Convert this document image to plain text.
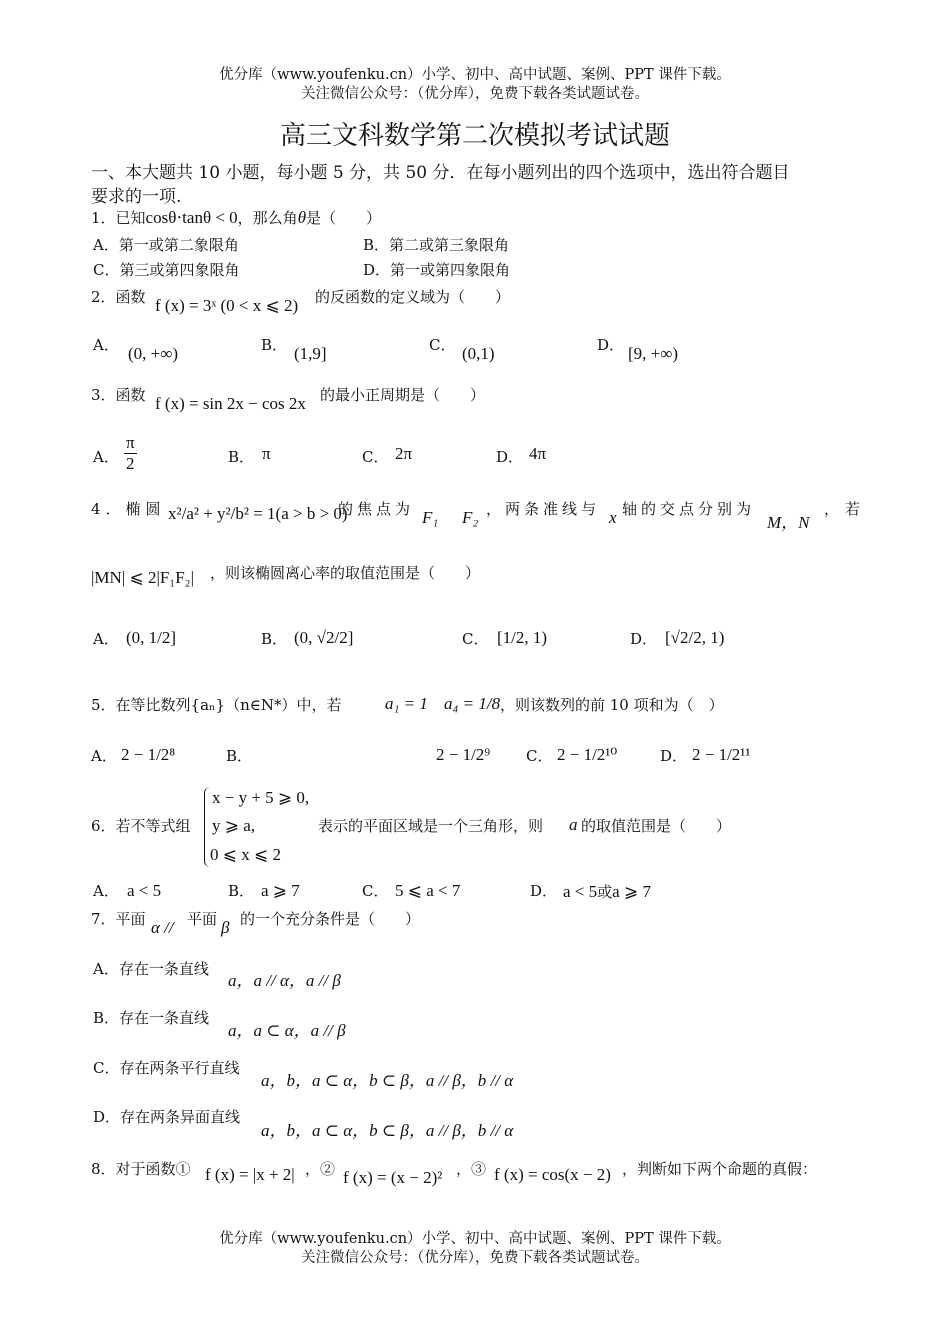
优分库（www.youfenku.cn）小学、初中、高中试题、案例、PPT 课件下载。
关注微信公众号：（优分库），免费下载各类试题试卷。
高三文科数学第二次模拟考试试题
一、本大题共 10 小题，每小题 5 分，共 50 分．在每小题列出的四个选项中，选出符合题目
要求的一项.
1．已知cosθ⋅tanθ < 0，那么角θ是（　　）
A．第一或第二象限角	B．第二或第三象限角
C．第三或第四象限角	D．第一或第四象限角
2．函数 f (x) = 3ˣ (0 < x ⩽ 2) 的反函数的定义域为（　　）
A． (0, +∞)	B． (1,9]	C． (0,1)	D． [9, +∞)
3．函数 f (x) = sin 2x − cos 2x 的最小正周期是（　　）
A． $\frac{\pi}{2}$	B． π	C． 2π	D． 4π
4．椭圆 x²/a² + y²/b² = 1(a > b > 0)
的焦点为 F₁ F₂ ，两条准线与 x 轴的交点分别为
M，N
，若
|MN| ⩽ 2|F₁F₂| ，则该椭圆离心率的取值范围是（　　）
A． (0, 1/2]	B． (0, √2/2]	C． [1/2, 1)	D． [√2/2, 1)
5．在等比数列{aₙ}（n∈N*）中，若	a₁ = 1 a₄ = 1/8 ，则该数列的前 10 项和为（　）
A． 2 − 1/2⁸	B．	2 − 1/2⁹ C． 2 − 1/2¹⁰	D． 2 − 1/2¹¹
6．若不等式组
x − y + 5 ⩾ 0,
y ⩾ a,
0 ⩽ x ⩽ 2
表示的平面区域是一个三角形，则 a 的取值范围是（　　）
A． a < 5	B． a ⩾ 7	C． 5 ⩽ a < 7	D． a < 5或a ⩾ 7
7．平面 α // 平面 β 的一个充分条件是（　　）
A．存在一条直线
a，a // α，a // β
B．存在一条直线
a，a ⊂ α，a // β
C．存在两条平行直线
a，b，a ⊂ α，b ⊂ β，a // β，b // α
D．存在两条异面直线
a，b，a ⊂ α，b ⊂ β，a // β，b // α
8．对于函数① f (x) = |x + 2| ，② f (x) = (x − 2)² ，③ f (x) = cos(x − 2) ，判断如下两个命题的真假：
优分库（www.youfenku.cn）小学、初中、高中试题、案例、PPT 课件下载。
关注微信公众号：（优分库），免费下载各类试题试卷。
